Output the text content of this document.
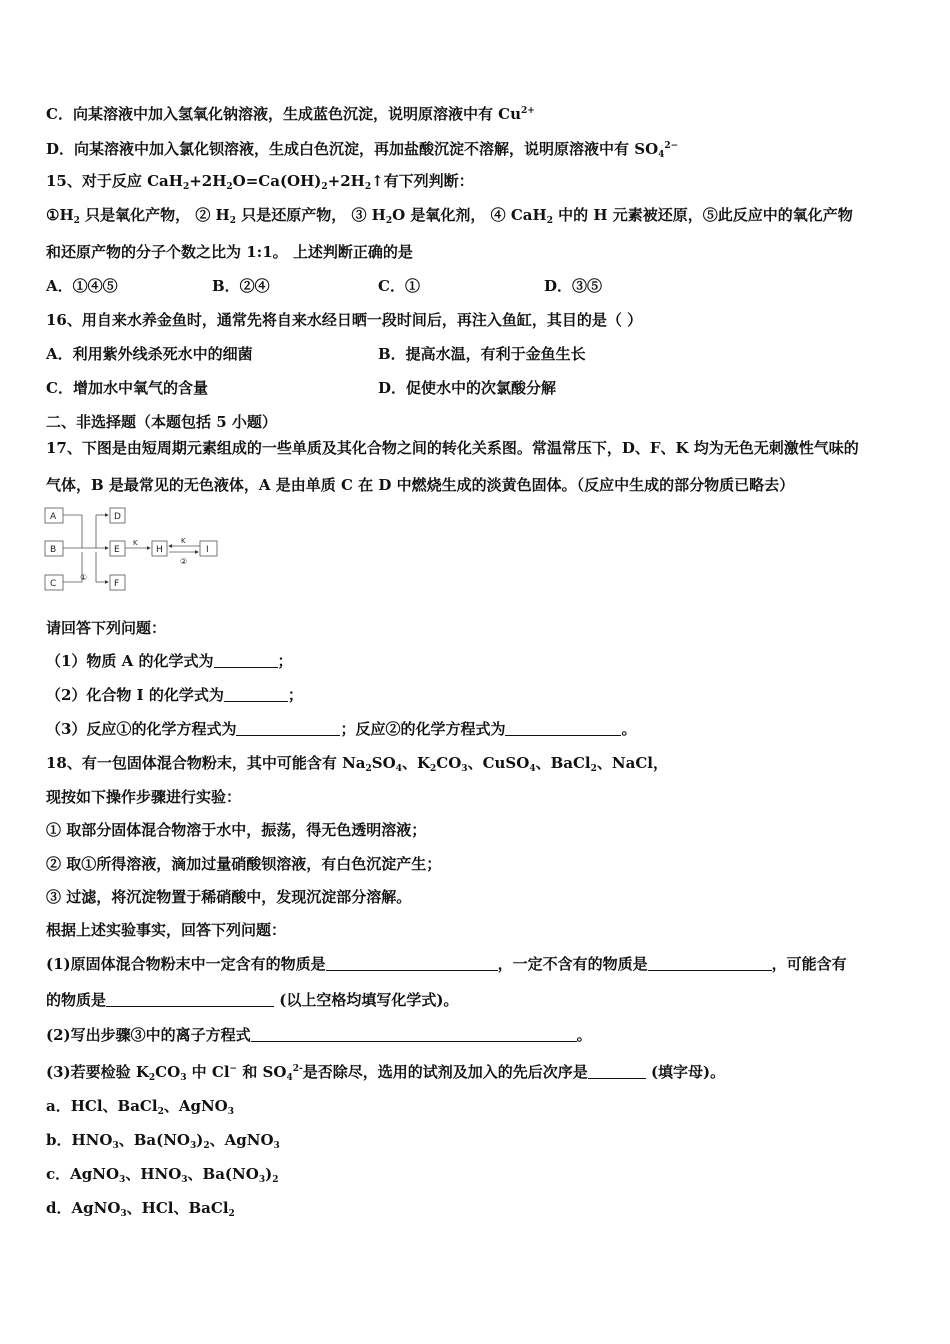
C．向某溶液中加入氢氧化钠溶液，生成蓝色沉淀，说明原溶液中有 $Cu^{2+}$
D．向某溶液中加入氯化钡溶液，生成白色沉淀，再加盐酸沉淀不溶解，说明原溶液中有 $SO_4^{2-}$
15、对于反应 $CaH_2+2H_2O=Ca(OH)_2+2H_2↑$有下列判断：
$①H_2$ 只是氧化产物， ② $H_2$ 只是还原产物， ③ $H_2O$ 是氧化剂， ④ CaH$_2$ 中的 H 元素被还原，⑤此反应中的氧化产物
和还原产物的分子个数之比为 1:1。 上述判断正确的是
A．①④⑤	B．②④	C．①	D．③⑤
16、用自来水养金鱼时，通常先将自来水经日晒一段时间后，再注入鱼缸，其目的是（ ）
A．利用紫外线杀死水中的细菌	B．提高水温，有利于金鱼生长
C．增加水中氧气的含量	D．促使水中的次氯酸分解
二、非选择题（本题包括 5 小题）
17、下图是由短周期元素组成的一些单质及其化合物之间的转化关系图。常温常压下，D、F、K 均为无色无刺激性气味的
气体，B 是最常见的无色液体，A 是由单质 C 在 D 中燃烧生成的淡黄色固体。（反应中生成的部分物质已略去）
A
B
C
D
E
F
H	I
K	K
①
②
请回答下列问题：
（1）物质 A 的化学式为	；
（2）化合物 I 的化学式为	；
（3）反应①的化学方程式为	；反应②的化学方程式为	。
18、有一包固体混合物粉末，其中可能含有 $Na_2SO_4$、$K_2CO_3$、CuSO$_4$、BaCl$_2$、NaCl，
现按如下操作步骤进行实验：
① 取部分固体混合物溶于水中，振荡，得无色透明溶液；
② 取①所得溶液，滴加过量硝酸钡溶液，有白色沉淀产生；
③ 过滤，将沉淀物置于稀硝酸中，发现沉淀部分溶解。
根据上述实验事实，回答下列问题：
(1)原固体混合物粉末中一定含有的物质是	，一定不含有的物质是	，可能含有
的物质是	(以上空格均填写化学式)。
(2)写出步骤③中的离子方程式	。
(3)若要检验 $K_2CO_3$ 中 Cl− 和 $SO_4^{2-}$是否除尽，选用的试剂及加入的先后次序是	(填字母)。
a．HCl、BaCl$_2$、AgNO$_3$
b．$HNO_3$、$Ba(NO_3)_2$、AgNO$_3$
c．AgNO$_3$、$HNO_3$、$Ba(NO_3)_2$
d．AgNO$_3$、HCl、BaCl$_2$
